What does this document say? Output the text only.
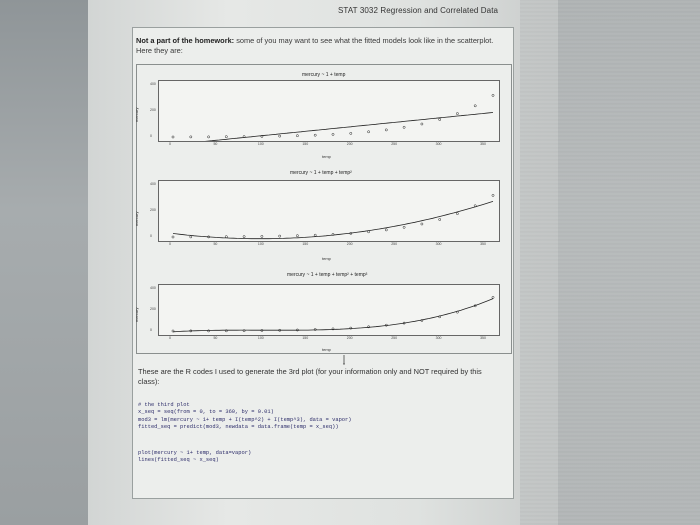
STAT 3032 Regression and Correlated Data
Not a part of the homework: some of you may want to see what the fitted models look like in the scatterplot. Here they are:
mercury ~ 1 + temp
temp
mercury
mercury ~ 1 + temp + temp²
temp
mercury
mercury ~ 1 + temp + temp² + temp³
temp
mercury
0	50	100	150	200	250	300	350
0
200
400
0	50	100	150	200	250	300	350
0
200
400
0	50	100	150	200	250	300	350
0
200
400
These are the R codes I used to generate the 3rd plot (for your information only and NOT required by this class):
# the third plot
x_seq = seq(from = 0, to = 360, by = 0.01)
mod3 = lm(mercury ~ 1+ temp + I(temp^2) + I(temp^3), data = vapor)
fitted_seq = predict(mod3, newdata = data.frame(temp = x_seq))
plot(mercury ~ 1+ temp, data=vapor)
lines(fitted_seq ~ x_seq)
